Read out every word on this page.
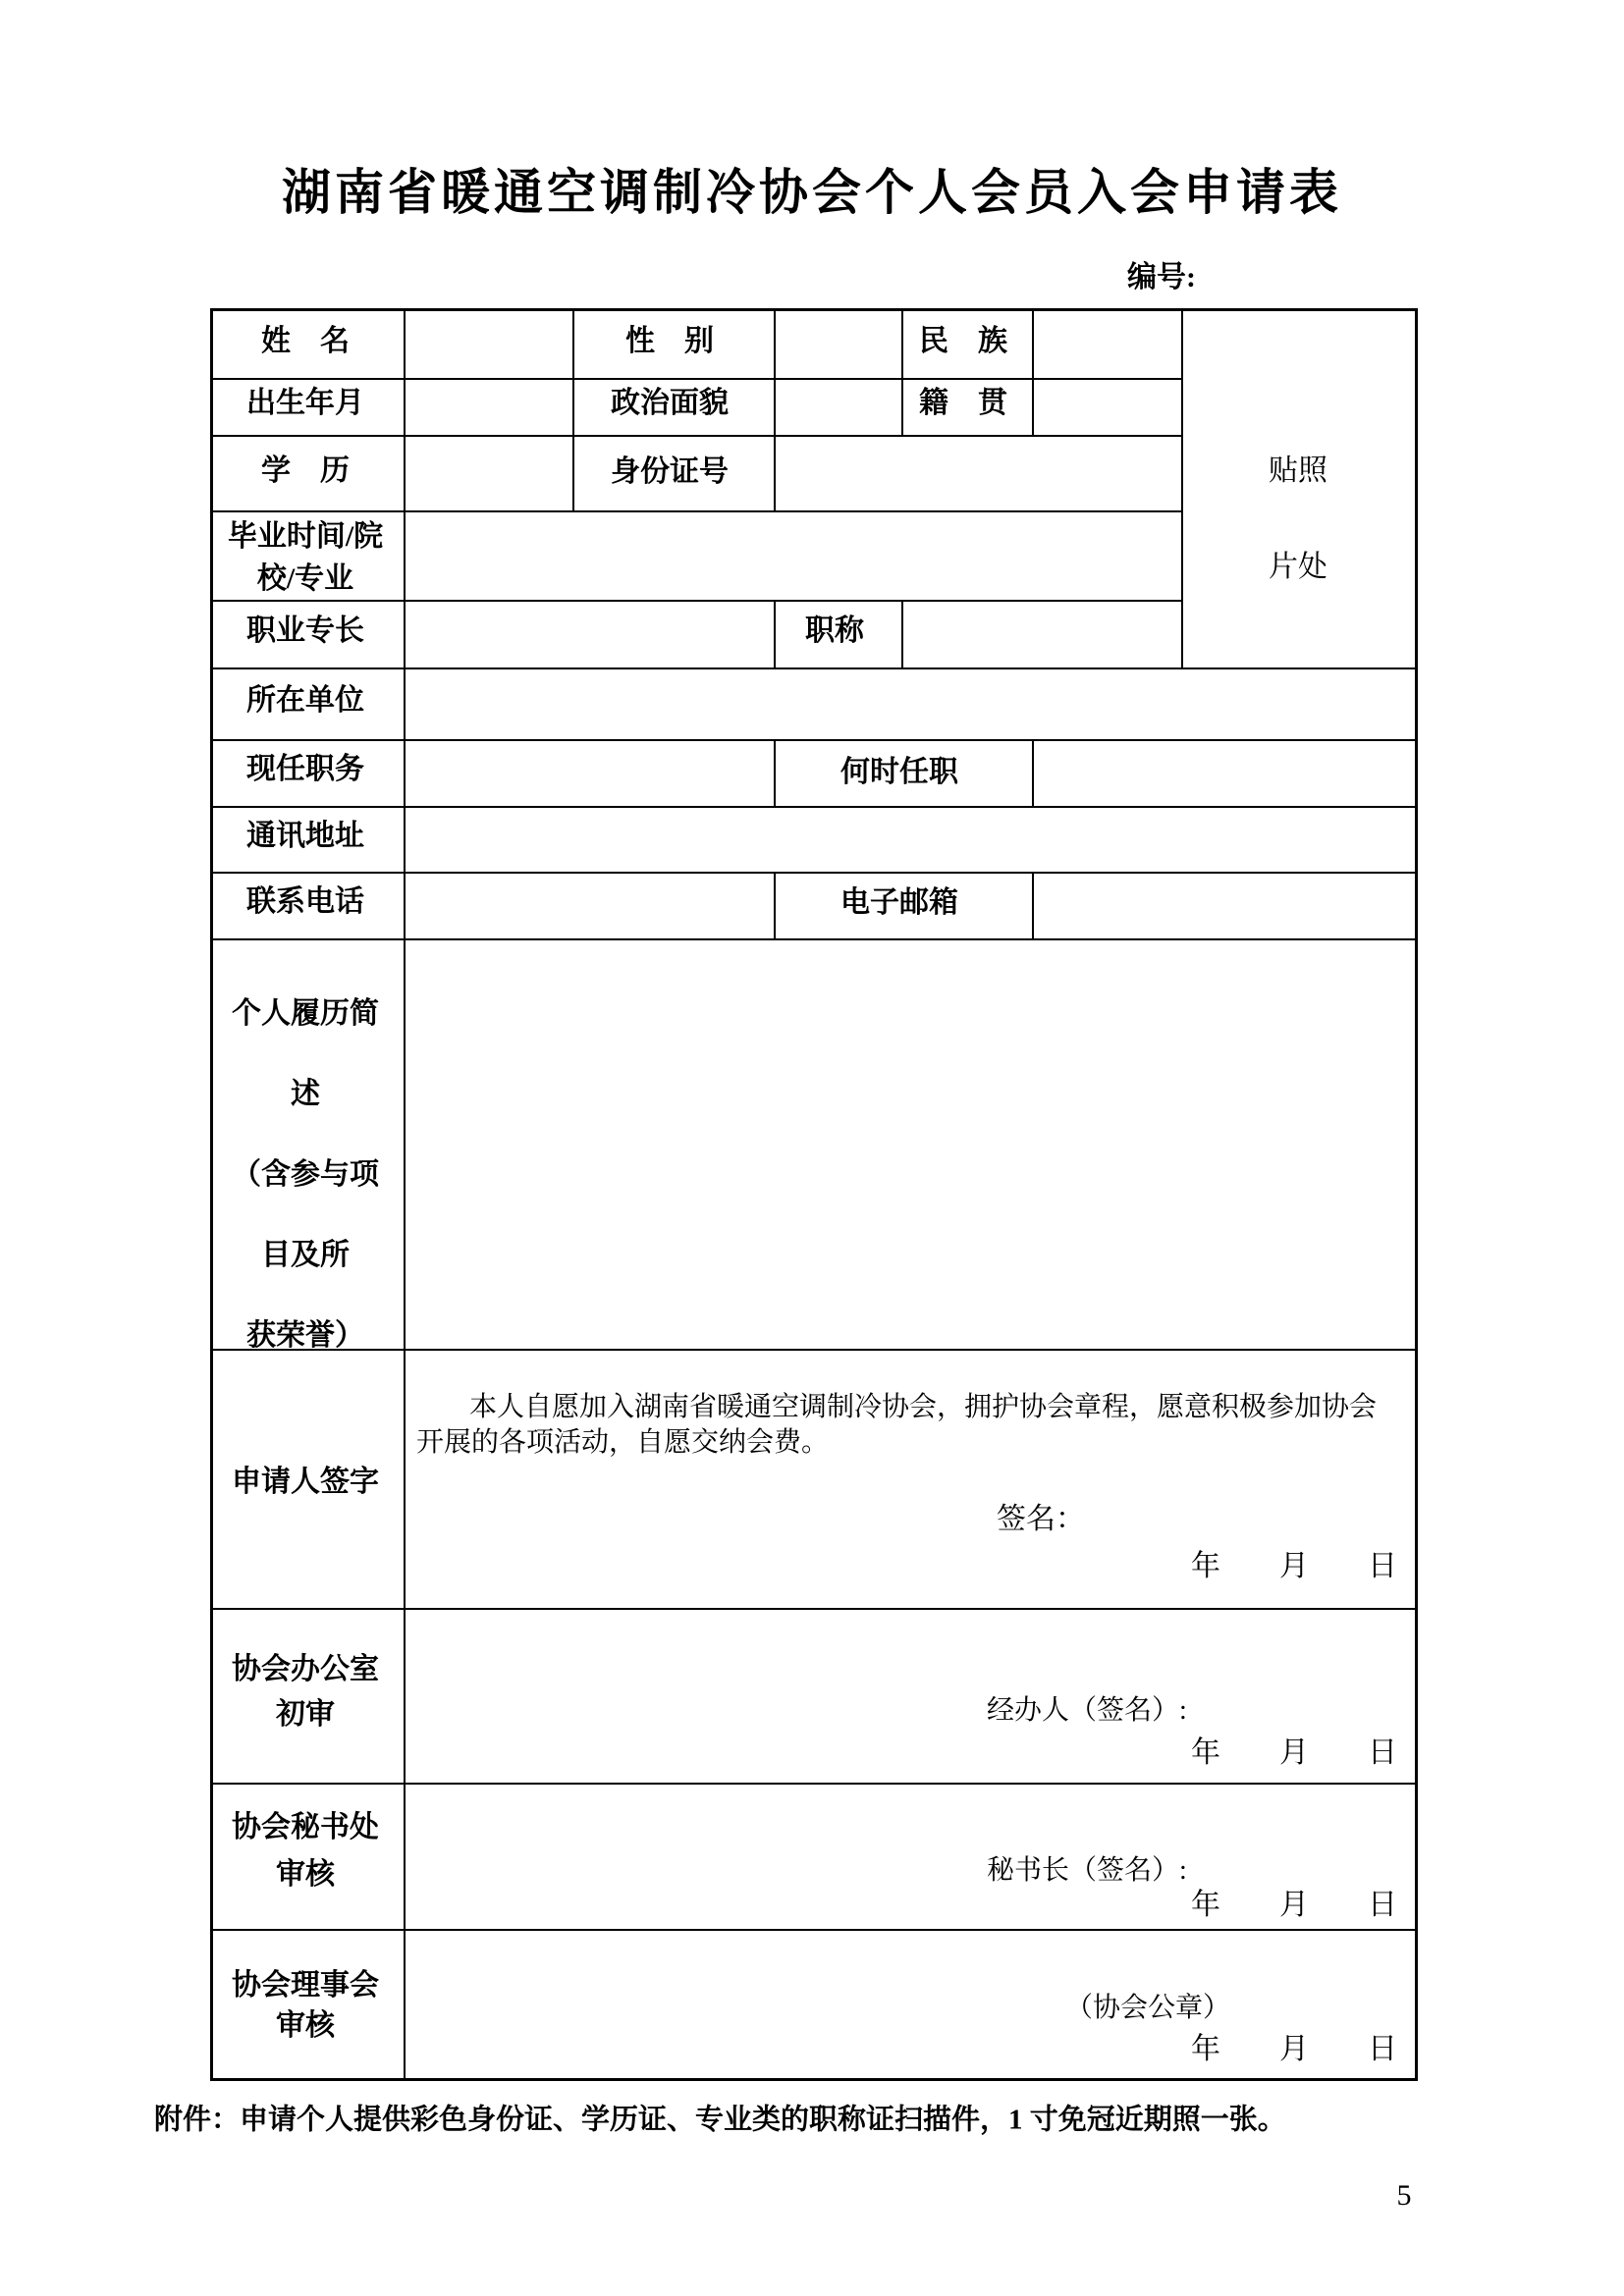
湖南省暖通空调制冷协会个人会员入会申请表
编号:
姓　名	性　别	民　族
贴照
片处
出生年月	政治面貌	籍　贯
学　历	身份证号
毕业时间/院
校/专业
职业专长	职称
所在单位
现任职务	何时任职
通讯地址
联系电话	电子邮箱
个人履历简
述
（含参与项
目及所
获荣誉）
申请人签字
本人自愿加入湖南省暖通空调制冷协会，拥护协会章程，愿意积极参加协会
开展的各项活动，自愿交纳会费。
签名：
年　　月　　日
协会办公室
初审	经办人（签名）:
年　　月　　日
协会秘书处
审核	秘书长（签名）:
年　　月　　日
协会理事会
审核
（协会公章）
年　　月　　日
附件：申请个人提供彩色身份证、学历证、专业类的职称证扫描件，1 寸免冠近期照一张。
5
